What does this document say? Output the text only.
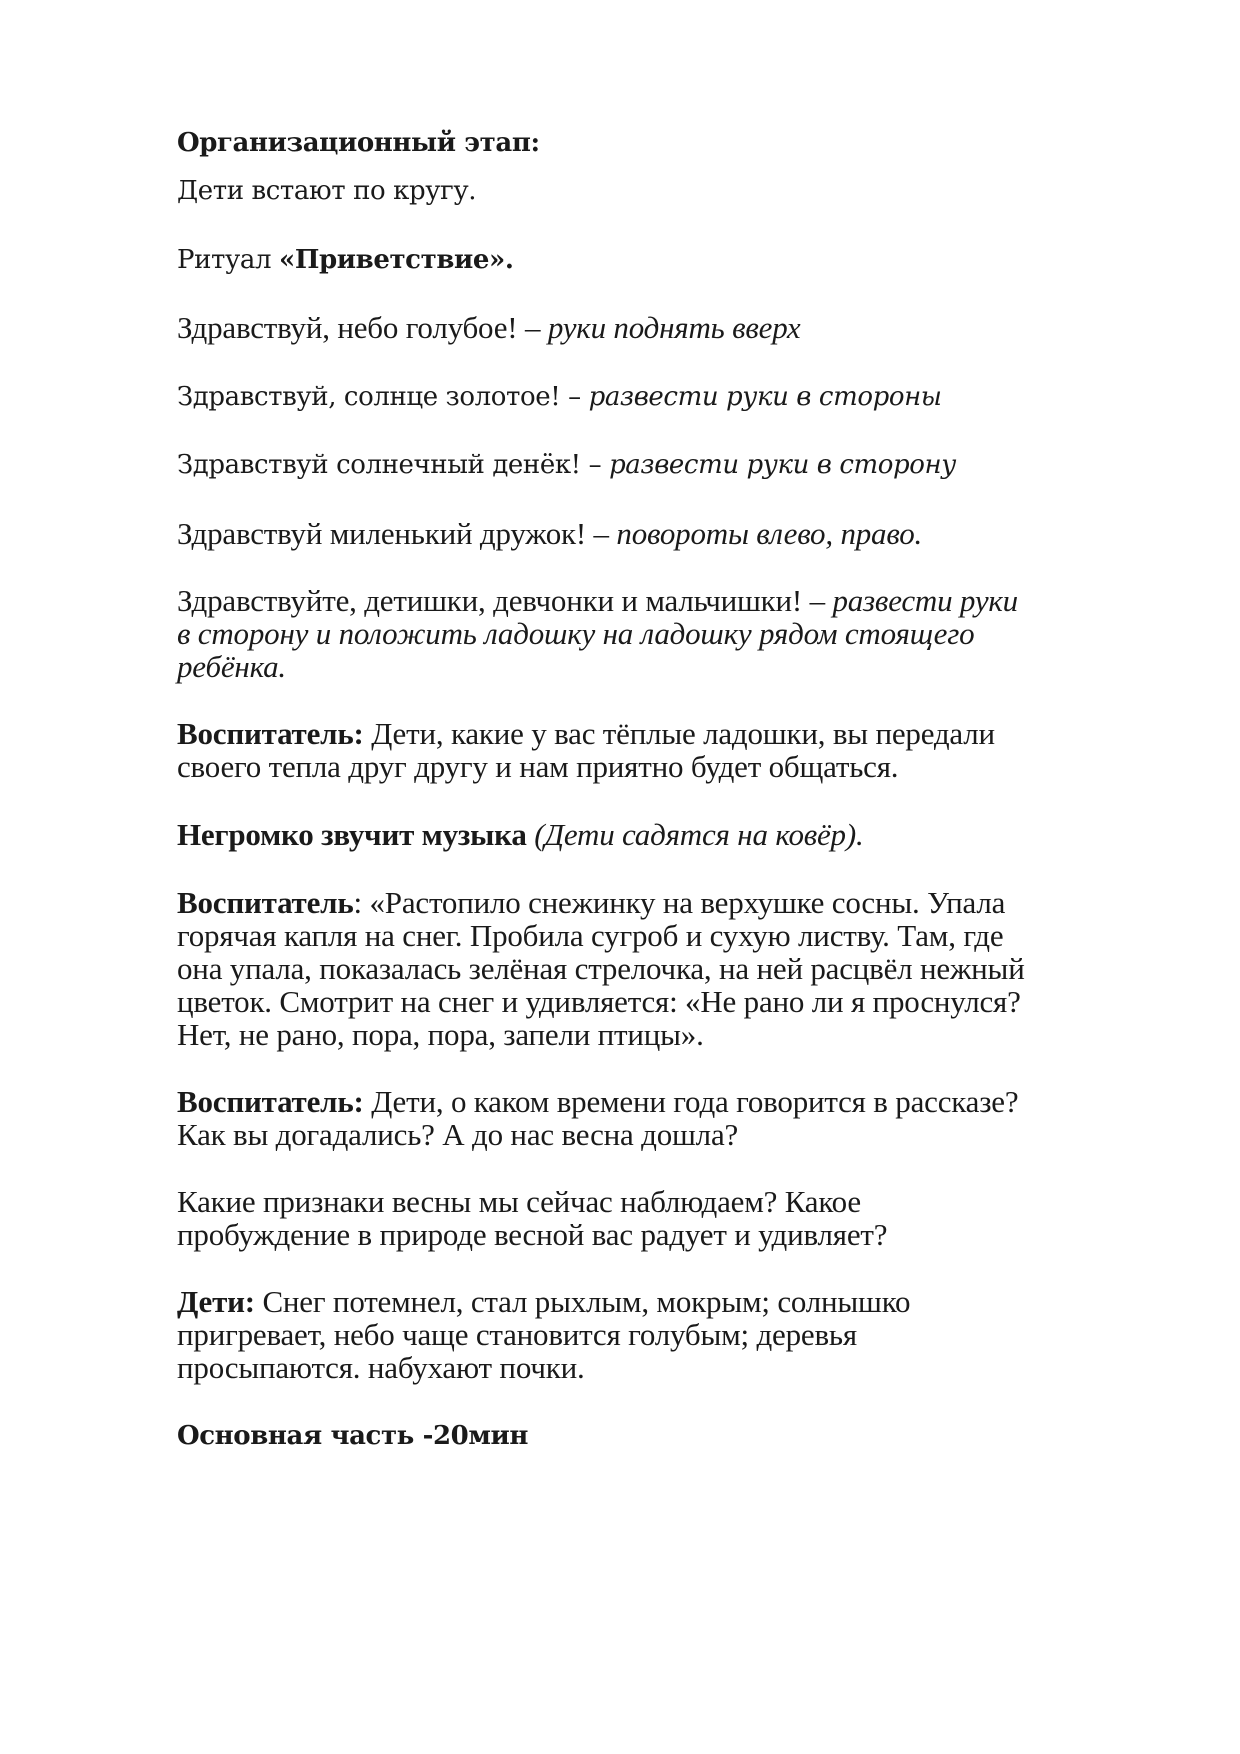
Организационный этап:
Дети встают по кругу.
Ритуал «Приветствие».
Здравствуй, небо голубое! – руки поднять вверх
Здравствуй, солнце золотое! – развести руки в стороны
Здравствуй солнечный денёк! – развести руки в сторону
Здравствуй миленький дружок! – повороты влево, право.
Здравствуйте, детишки, девчонки и мальчишки! – развести руки
в сторону и положить ладошку на ладошку рядом стоящего
ребёнка.
Воспитатель: Дети, какие у вас тёплые ладошки, вы передали
своего тепла друг другу и нам приятно будет общаться.
Негромко звучит музыка (Дети садятся на ковёр).
Воспитатель: «Растопило снежинку на верхушке сосны. Упала
горячая капля на снег. Пробила сугроб и сухую листву. Там, где
она упала, показалась зелёная стрелочка, на ней расцвёл нежный
цветок. Смотрит на снег и удивляется: «Не рано ли я проснулся?
Нет, не рано, пора, пора, запели птицы».
Воспитатель: Дети, о каком времени года говорится в рассказе?
Как вы догадались? А до нас весна дошла?
Какие признаки весны мы сейчас наблюдаем? Какое
пробуждение в природе весной вас радует и удивляет?
Дети: Снег потемнел, стал рыхлым, мокрым; солнышко
пригревает, небо чаще становится голубым; деревья
просыпаются. набухают почки.
Основная часть -20мин
